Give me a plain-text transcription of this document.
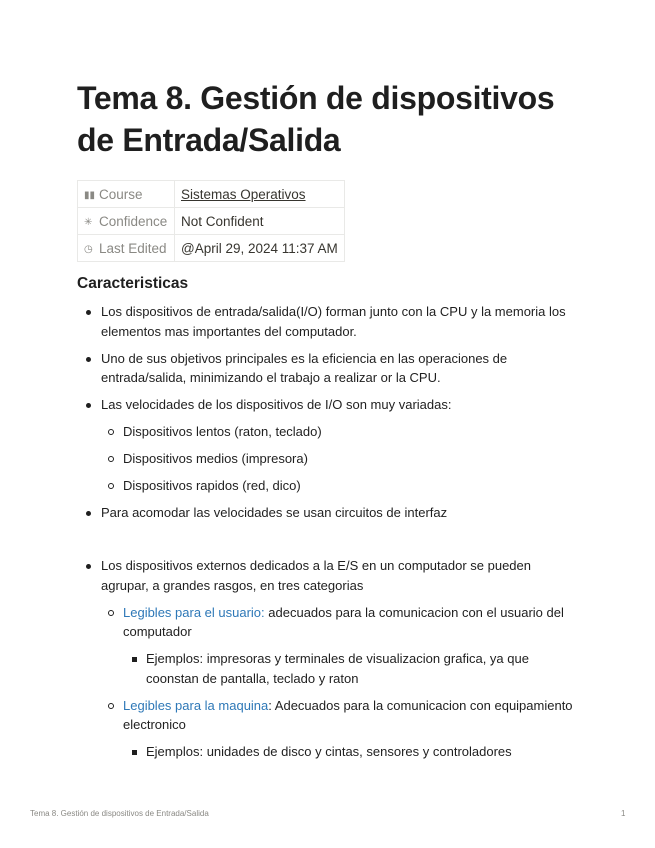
Tema 8. Gestión de dispositivos de Entrada/Salida
▮▮ Course	Sistemas Operativos
✳ Confidence	Not Confident
◷ Last Edited	@April 29, 2024 11:37 AM
Caracteristicas
Los dispositivos de entrada/salida(I/O) forman junto con la CPU y la memoria los elementos mas importantes del computador.
Uno de sus objetivos principales es la eficiencia en las operaciones de entrada/salida, minimizando el trabajo a realizar or la CPU.
Las velocidades de los dispositivos de I/O son muy variadas:
Dispositivos lentos (raton, teclado)
Dispositivos medios (impresora)
Dispositivos rapidos (red, dico)
Para acomodar las velocidades se usan circuitos de interfaz
Los dispositivos externos dedicados a la E/S en un computador se pueden agrupar, a grandes rasgos, en tres categorias
Legibles para el usuario: adecuados para la comunicacion con el usuario del computador
Ejemplos: impresoras y terminales de visualizacion grafica, ya que coonstan de pantalla, teclado y raton
Legibles para la maquina: Adecuados para la comunicacion con equipamiento electronico
Ejemplos: unidades de disco y cintas, sensores y controladores
Tema 8. Gestión de dispositivos de Entrada/Salida	1
